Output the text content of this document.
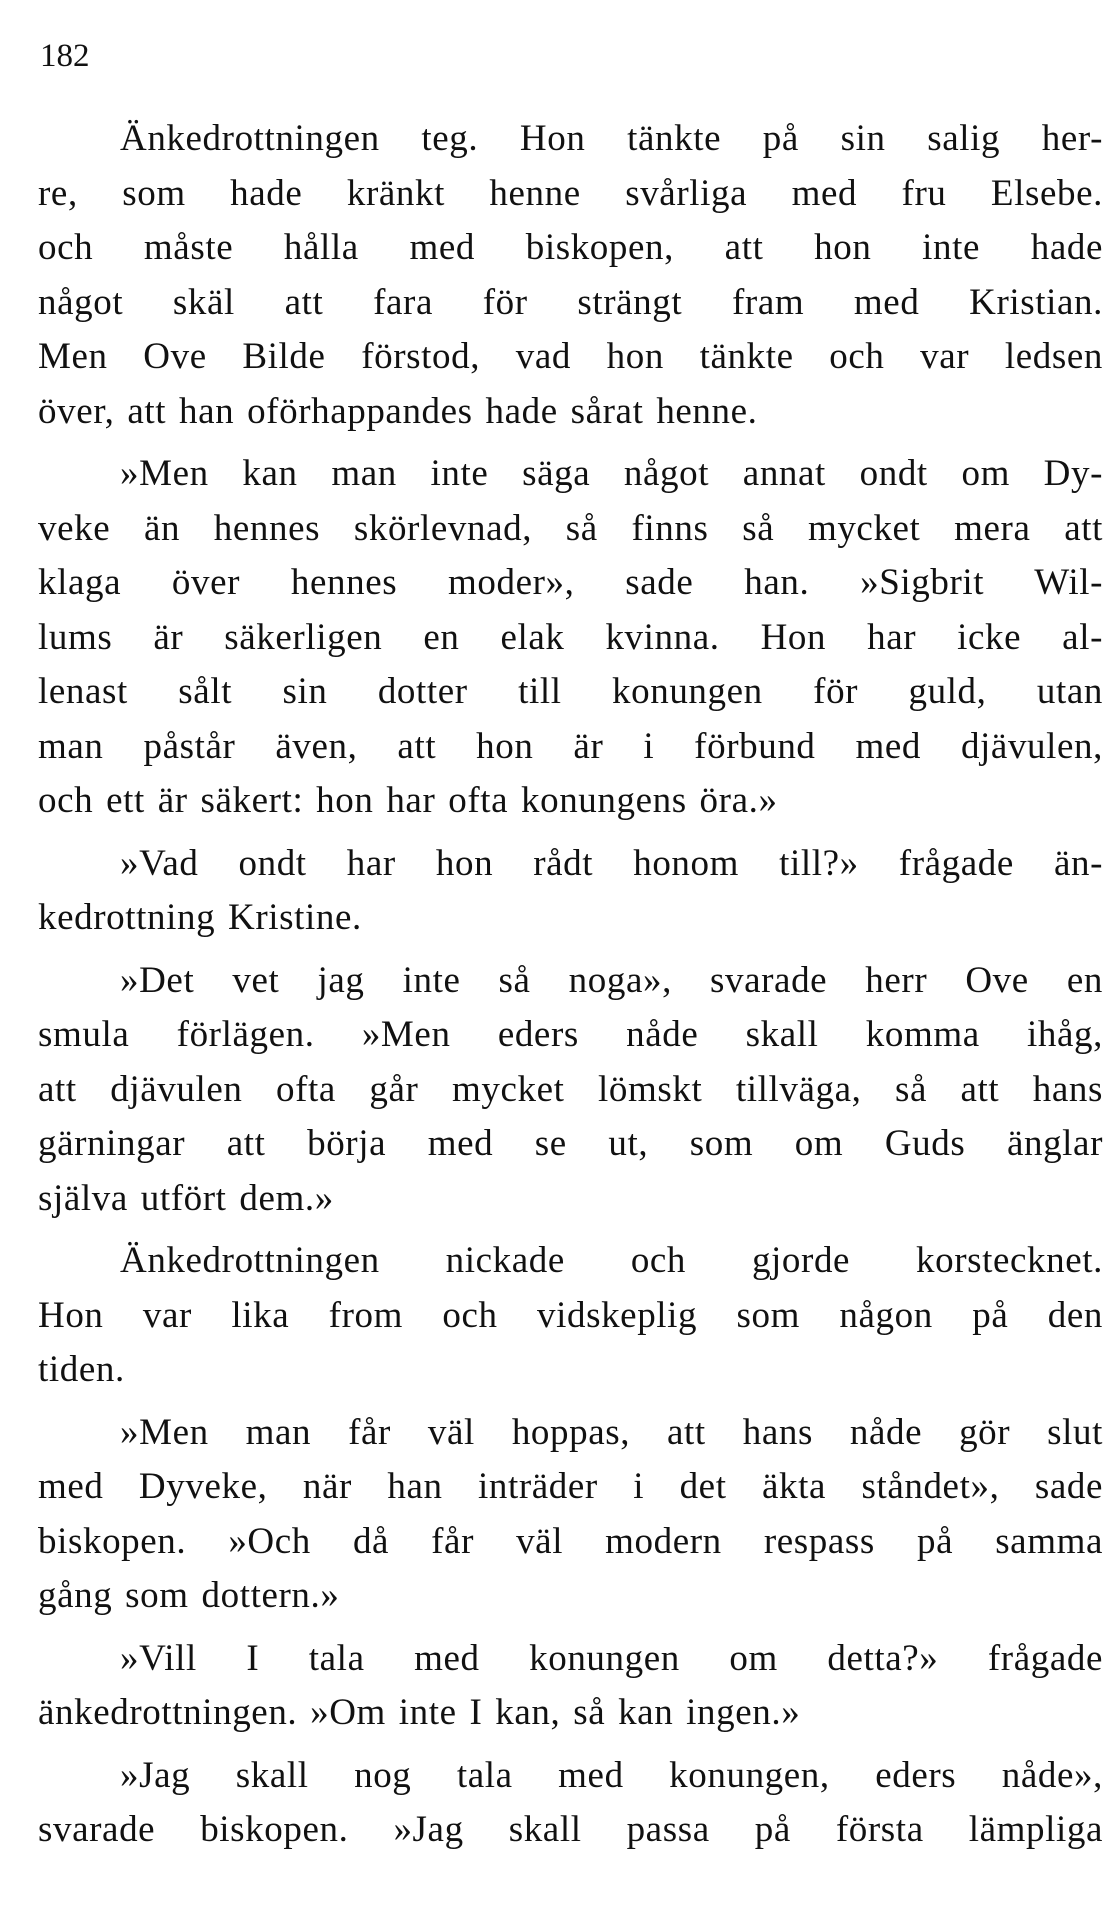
182
Änkedrottningen teg. Hon tänkte på sin salig her-
re, som hade kränkt henne svårliga med fru Elsebe.
och måste hålla med biskopen, att hon inte hade
något skäl att fara för strängt fram med Kristian.
Men Ove Bilde förstod, vad hon tänkte och var ledsen
över, att han oförhappandes hade sårat henne.
»Men kan man inte säga något annat ondt om Dy-
veke än hennes skörlevnad, så finns så mycket mera att
klaga över hennes moder», sade han. »Sigbrit Wil-
lums är säkerligen en elak kvinna. Hon har icke al-
lenast sålt sin dotter till konungen för guld, utan
man påstår även, att hon är i förbund med djävulen,
och ett är säkert: hon har ofta konungens öra.»
»Vad ondt har hon rådt honom till?» frågade än-
kedrottning Kristine.
»Det vet jag inte så noga», svarade herr Ove en
smula förlägen. »Men eders nåde skall komma ihåg,
att djävulen ofta går mycket lömskt tillväga, så att hans
gärningar att börja med se ut, som om Guds änglar
själva utfört dem.»
Änkedrottningen nickade och gjorde korstecknet.
Hon var lika from och vidskeplig som någon på den
tiden.
»Men man får väl hoppas, att hans nåde gör slut
med Dyveke, när han inträder i det äkta ståndet», sade
biskopen. »Och då får väl modern respass på samma
gång som dottern.»
»Vill I tala med konungen om detta?» frågade
änkedrottningen. »Om inte I kan, så kan ingen.»
»Jag skall nog tala med konungen, eders nåde»,
svarade biskopen. »Jag skall passa på första lämpliga
